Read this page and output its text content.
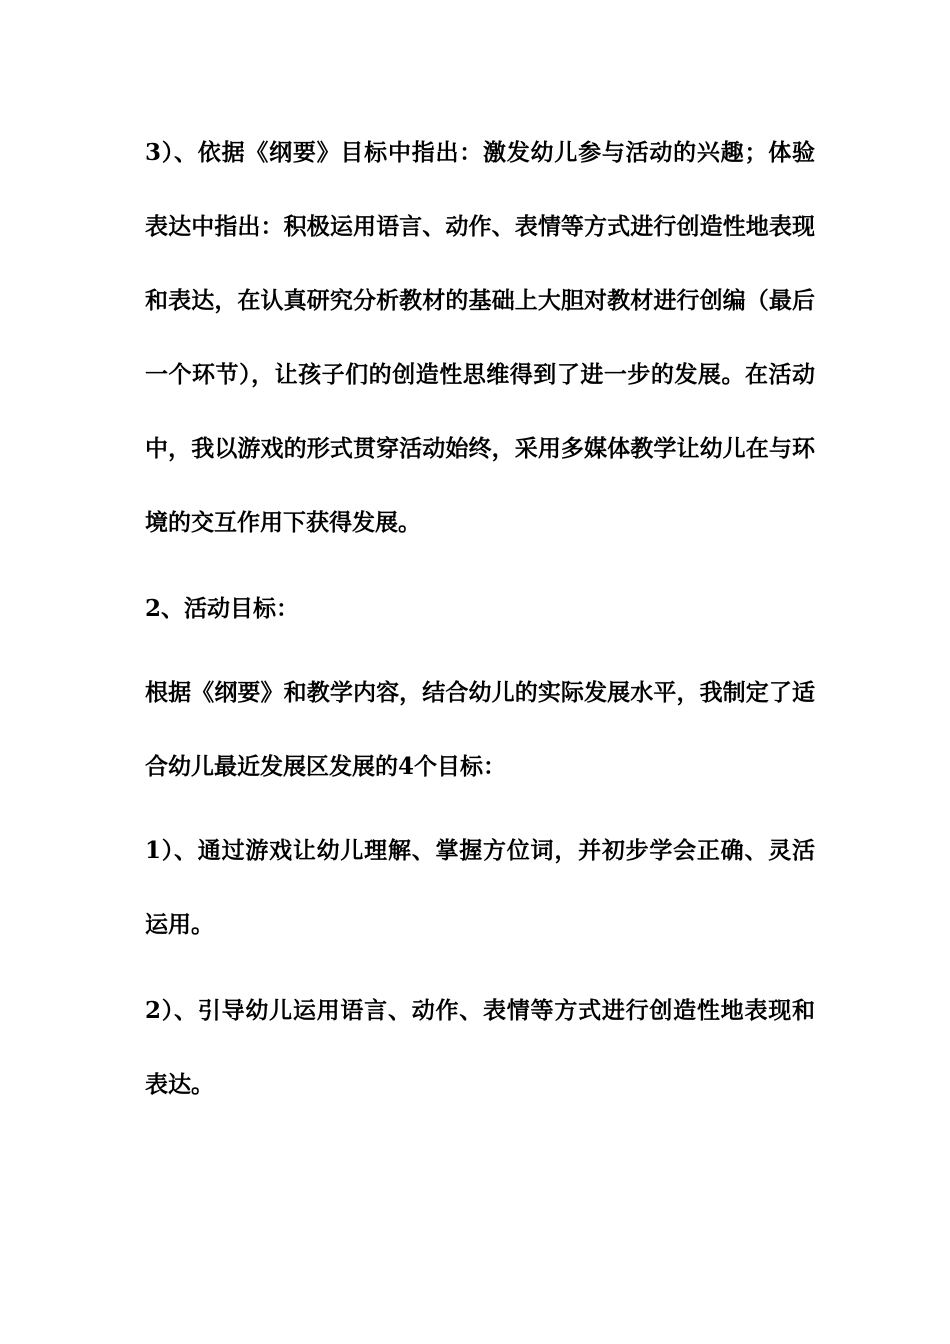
3）、依据《纲要》目标中指出：激发幼儿参与活动的兴趣；体验表达中指出：积极运用语言、动作、表情等方式进行创造性地表现和表达，在认真研究分析教材的基础上大胆对教材进行创编（最后一个环节），让孩子们的创造性思维得到了进一步的发展。在活动中，我以游戏的形式贯穿活动始终，采用多媒体教学让幼儿在与环境的交互作用下获得发展。

2、活动目标：

根据《纲要》和教学内容，结合幼儿的实际发展水平，我制定了适合幼儿最近发展区发展的4个目标：

1）、通过游戏让幼儿理解、掌握方位词，并初步学会正确、灵活运用。

2）、引导幼儿运用语言、动作、表情等方式进行创造性地表现和表达。
